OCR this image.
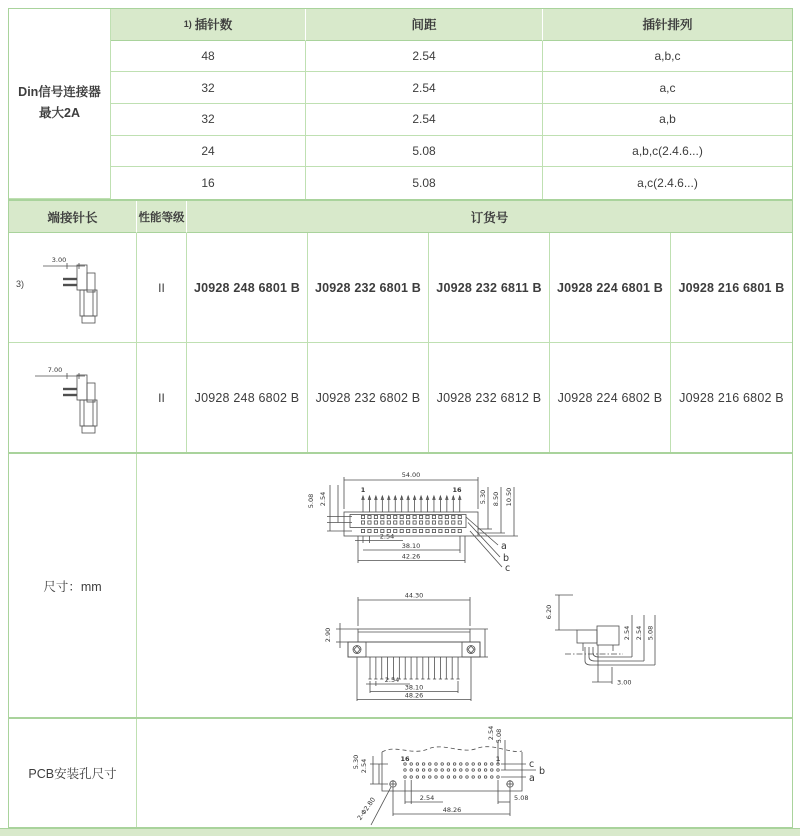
Din信号连接器
最大2A
1) 插针数	间距	插针排列
48	2.54	a,b,c
32	2.54	a,c
32	2.54	a,b
24	5.08	a,b,c(2.4.6...)
16	5.08	a,c(2.4.6...)
端接针长	性能等级	订货号
3)
3.00
II	J0928 248 6801 B	J0928 232 6801 B	J0928 232 6811 B	J0928 224 6801 B	J0928 216 6801 B
7.00
II	J0928 248 6802 B	J0928 232 6802 B	J0928 232 6812 B	J0928 224 6802 B	J0928 216 6802 B
尺寸：mm
54.00
5.08 2.54
1	16	5.30 8.50 10.50
a
b
c
2.54
38.10
42.26
44.30
2.90
2.54
38.10
48.26
6.20
2.54 2.54 5.08
3.00
PCB安装孔尺寸
5.30 2.54	16	1
2.54 5.08
c
b
a
2.54
48.26
5.08
2-Φ2.80
